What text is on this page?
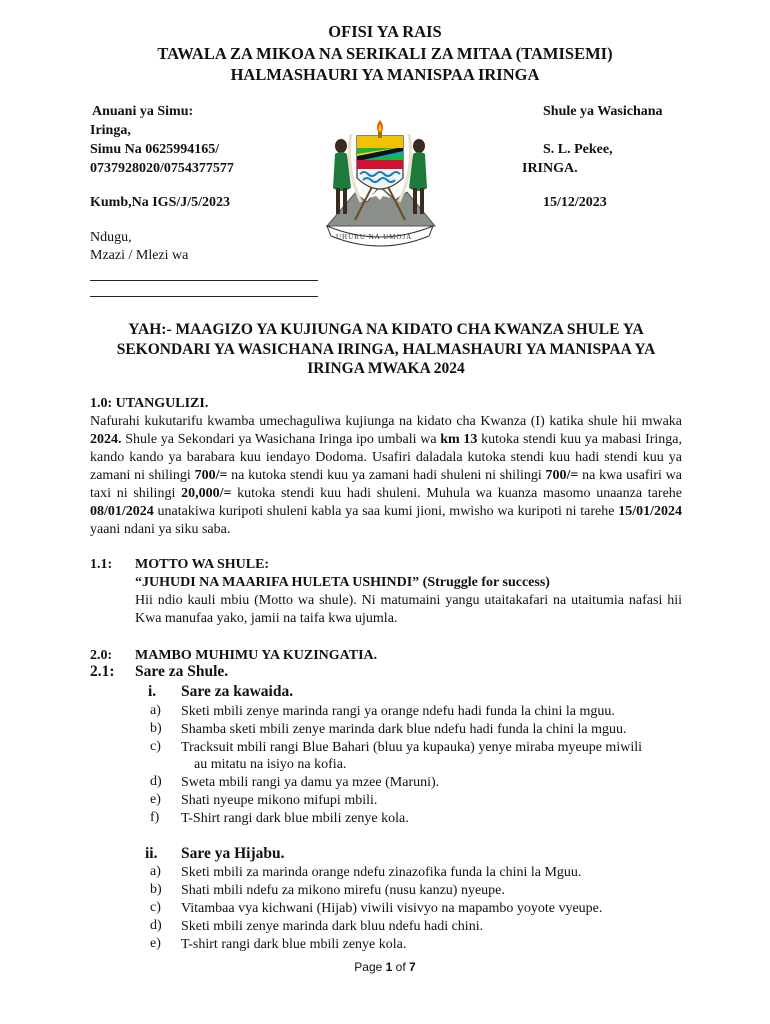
OFISI YA RAIS
TAWALA ZA MIKOA NA SERIKALI ZA MITAA (TAMISEMI)
HALMASHAURI YA MANISPAA IRINGA
Anuani ya Simu:
Iringa,
Simu Na 0625994165/
0737928020/0754377577
Shule ya Wasichana
S. L. Pekee,
IRINGA.
UHURU NA UMOJA
Kumb,Na IGS/J/5/2023	15/12/2023
Ndugu,
Mzazi / Mlezi wa
YAH:- MAAGIZO YA KUJIUNGA NA KIDATO CHA KWANZA SHULE YA
SEKONDARI YA WASICHANA IRINGA, HALMASHAURI YA MANISPAA YA
IRINGA MWAKA 2024
1.0: UTANGULIZI.
Nafurahi kukutarifu kwamba umechaguliwa kujiunga na kidato cha Kwanza (I) katika shule hii mwaka 2024. Shule ya Sekondari ya Wasichana Iringa ipo umbali wa km 13 kutoka stendi kuu ya mabasi Iringa, kando kando ya barabara kuu iendayo Dodoma. Usafiri daladala kutoka stendi kuu hadi stendi kuu ya zamani ni shilingi 700/= na kutoka stendi kuu ya zamani hadi shuleni ni shilingi 700/= na kwa usafiri wa taxi ni shilingi 20,000/= kutoka stendi kuu hadi shuleni. Muhula wa kuanza masomo unaanza tarehe 08/01/2024 unatakiwa kuripoti shuleni kabla ya saa kumi jioni, mwisho wa kuripoti ni tarehe 15/01/2024 yaani ndani ya siku saba.
1.1: MOTTO WA SHULE:
“JUHUDI NA MAARIFA HULETA USHINDI” (Struggle for success)
Hii ndio kauli mbiu (Motto wa shule). Ni matumaini yangu utaitakafari na utaitumia nafasi hii Kwa manufaa yako, jamii na taifa kwa ujumla.
2.0: MAMBO MUHIMU YA KUZINGATIA.
2.1: Sare za Shule.
i. Sare za kawaida.
a)	Sketi mbili zenye marinda rangi ya orange ndefu hadi funda la chini la mguu.
b)	Shamba sketi mbili zenye marinda dark blue ndefu hadi funda la chini la mguu.
c)	Tracksuit mbili rangi Blue Bahari (bluu ya kupauka) yenye miraba myeupe miwili
au mitatu na isiyo na kofia.
d)	Sweta mbili rangi ya damu ya mzee (Maruni).
e)	Shati nyeupe mikono mifupi mbili.
f)	T-Shirt rangi dark blue mbili zenye kola.
ii. Sare ya Hijabu.
a)	Sketi mbili za marinda orange ndefu zinazofika funda la chini la Mguu.
b)	Shati mbili ndefu za mikono mirefu (nusu kanzu) nyeupe.
c)	Vitambaa vya kichwani (Hijab) viwili visivyo na mapambo yoyote vyeupe.
d)	Sketi mbili zenye marinda dark bluu ndefu hadi chini.
e)	T-shirt rangi dark blue mbili zenye kola.
Page 1 of 7
